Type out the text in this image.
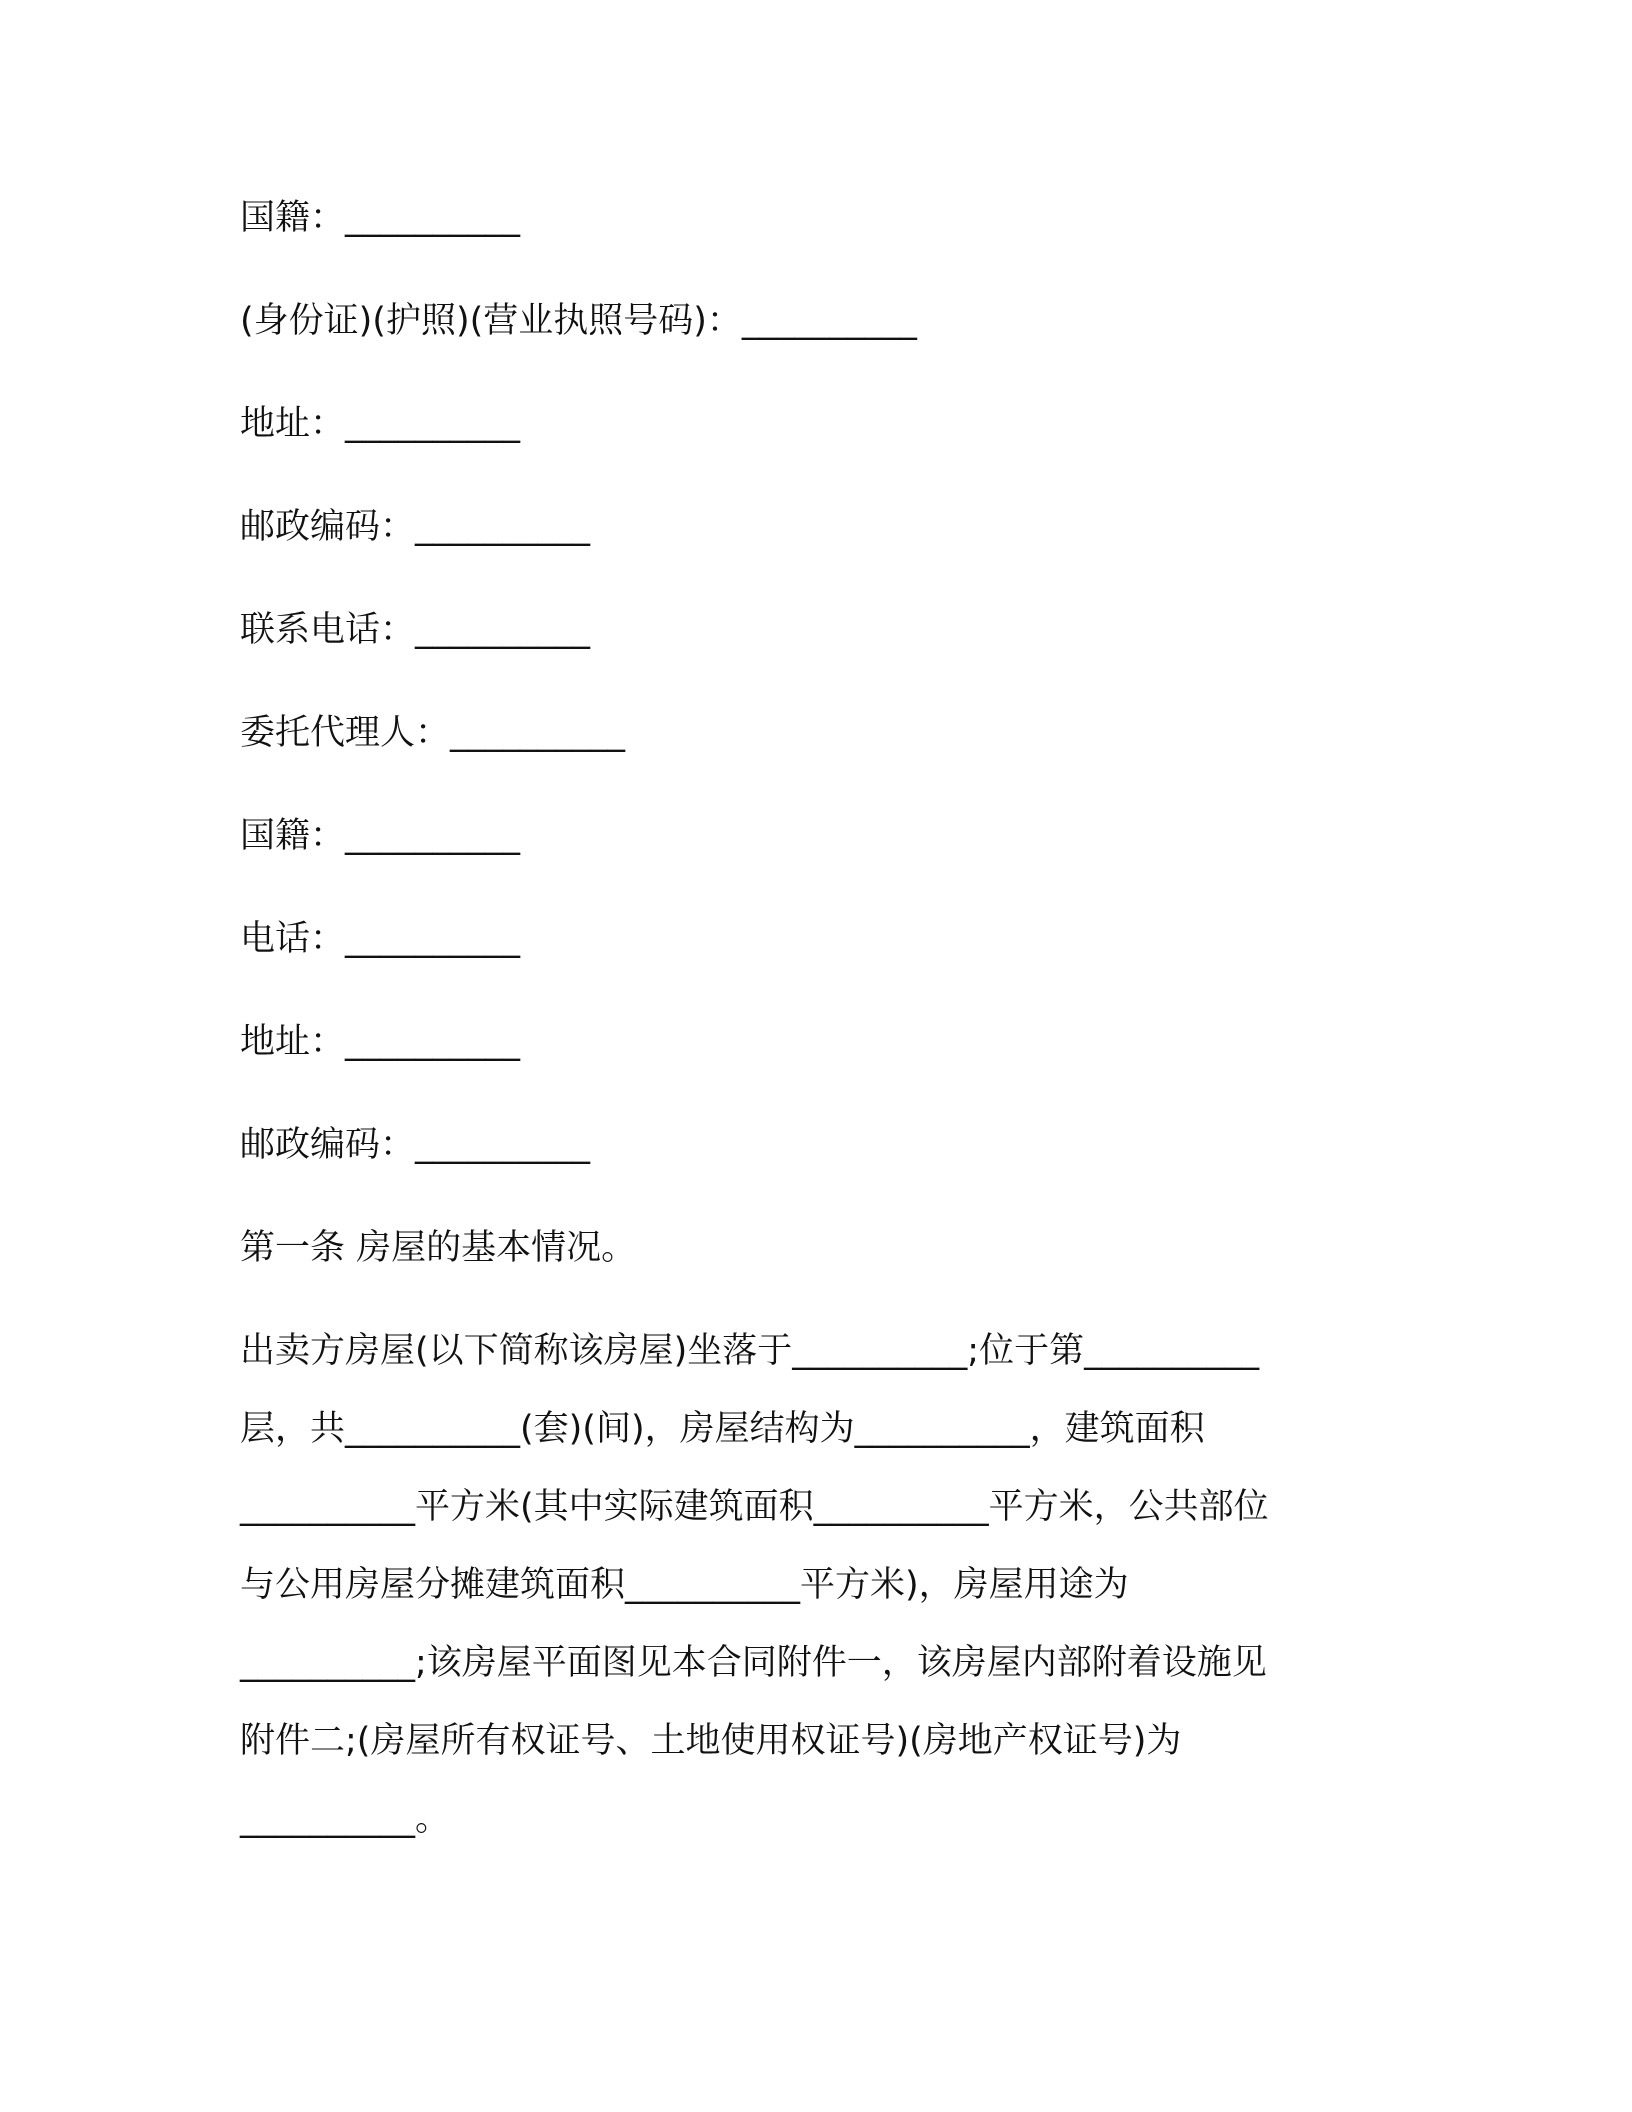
国籍：__________
(身份证)(护照)(营业执照号码)：__________
地址：__________
邮政编码：__________
联系电话：__________
委托代理人：__________
国籍：__________
电话：__________
地址：__________
邮政编码：__________
第一条 房屋的基本情况。
出卖方房屋(以下简称该房屋)坐落于__________;位于第__________
层，共__________(套)(间)，房屋结构为__________，建筑面积
__________平方米(其中实际建筑面积__________平方米，公共部位
与公用房屋分摊建筑面积__________平方米)，房屋用途为
__________;该房屋平面图见本合同附件一，该房屋内部附着设施见
附件二;(房屋所有权证号、土地使用权证号)(房地产权证号)为
__________。
